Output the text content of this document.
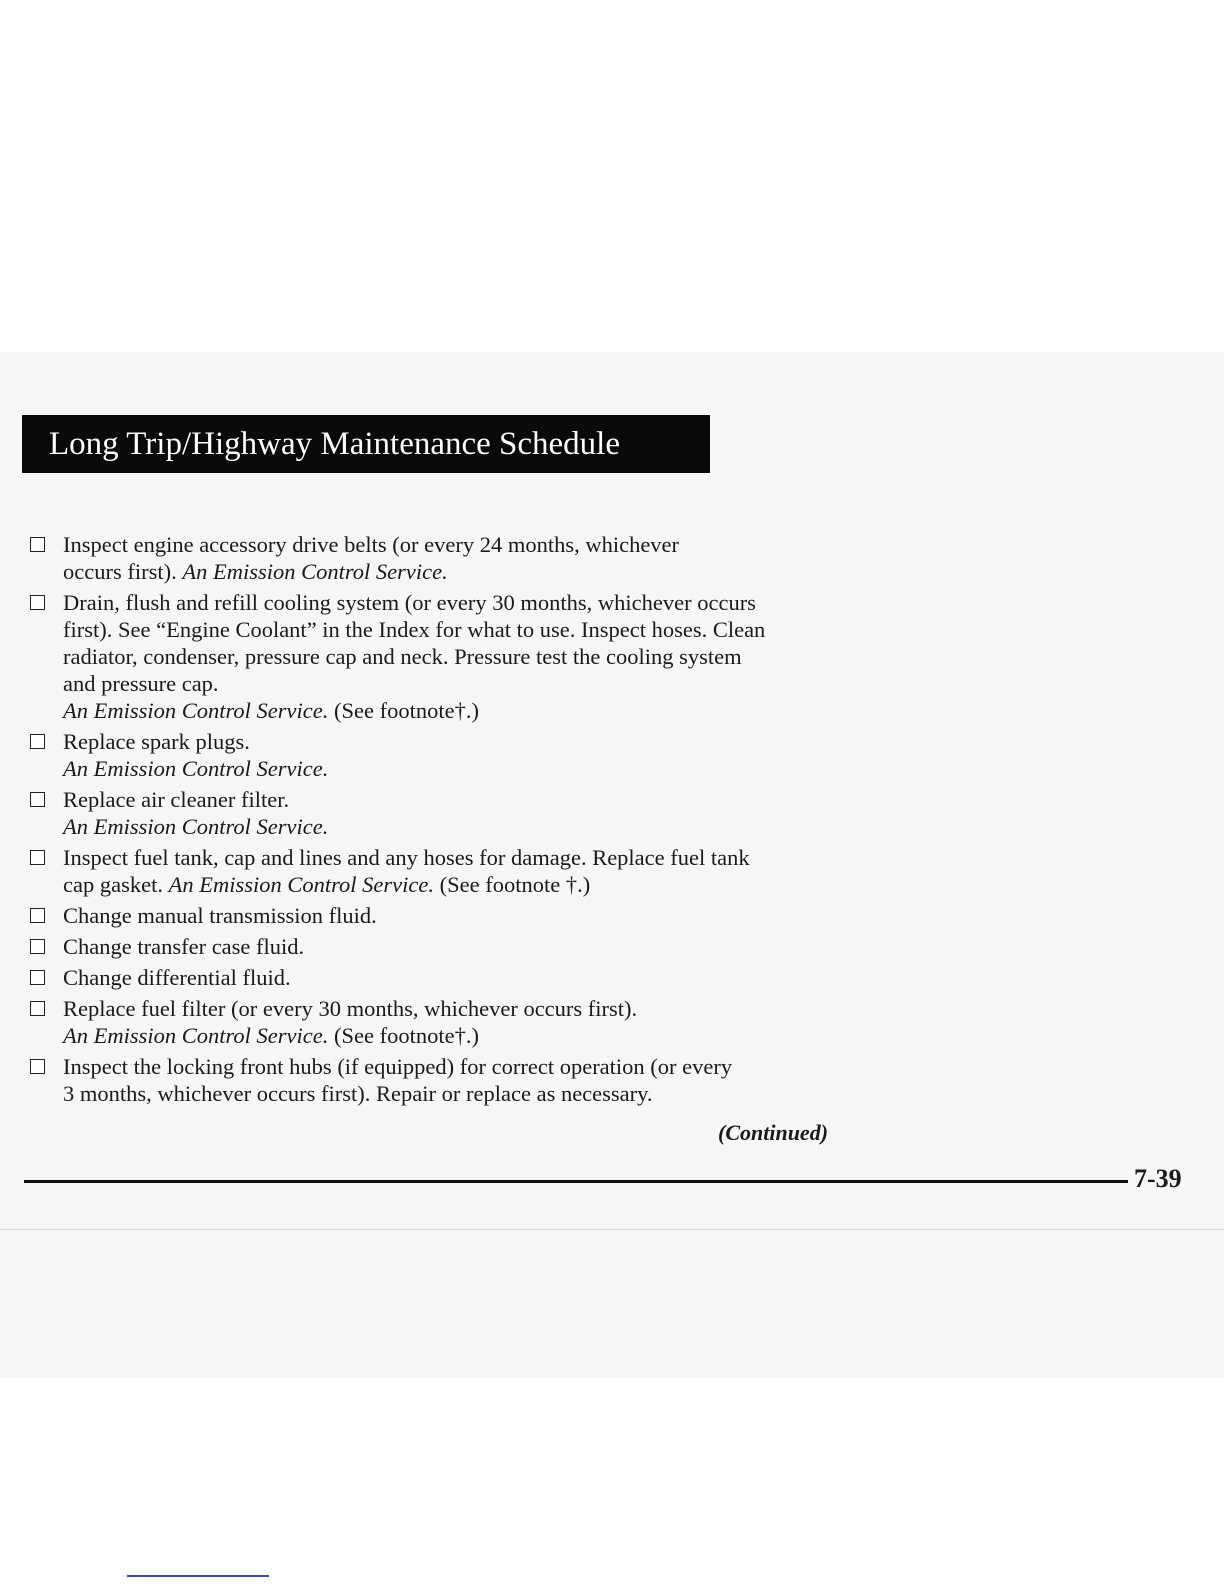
Long Trip/Highway Maintenance Schedule
Inspect engine accessory drive belts (or every 24 months, whichever
occurs first). An Emission Control Service.
Drain, flush and refill cooling system (or every 30 months, whichever occurs
first). See “Engine Coolant” in the Index for what to use. Inspect hoses. Clean
radiator, condenser, pressure cap and neck. Pressure test the cooling system
and pressure cap.
An Emission Control Service. (See footnote†.)
Replace spark plugs.
An Emission Control Service.
Replace air cleaner filter.
An Emission Control Service.
Inspect fuel tank, cap and lines and any hoses for damage. Replace fuel tank
cap gasket. An Emission Control Service. (See footnote †.)
Change manual transmission fluid.
Change transfer case fluid.
Change differential fluid.
Replace fuel filter (or every 30 months, whichever occurs first).
An Emission Control Service. (See footnote†.)
Inspect the locking front hubs (if equipped) for correct operation (or every
3 months, whichever occurs first). Repair or replace as necessary.
(Continued)
7-39
